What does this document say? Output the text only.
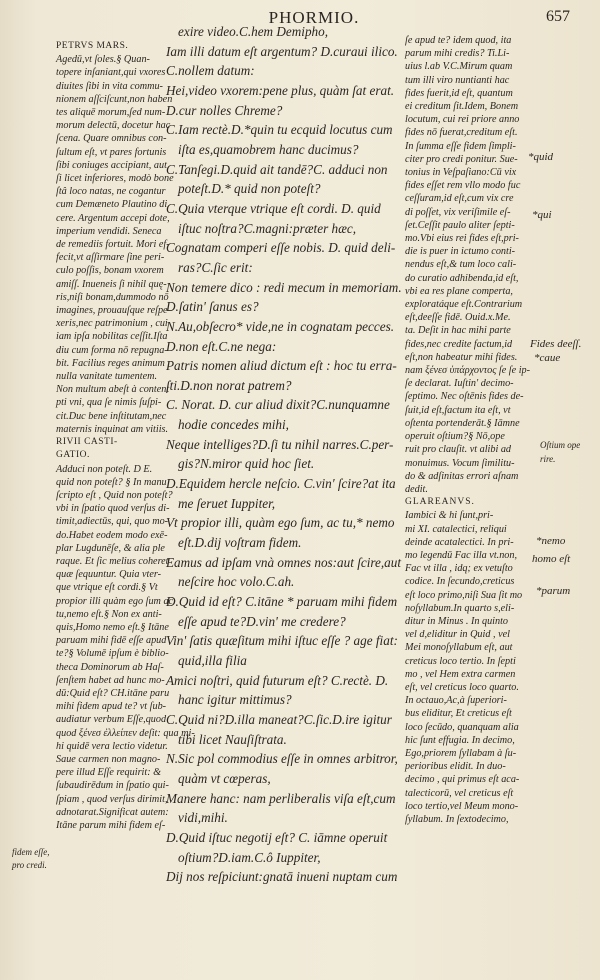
PHORMIO.	657
PETRVS MARS.
Agedū,vt ſoles.§ Quan-
topere inſaniant,qui vxores
diuites ſibi in vita commu-
nionem aſſciſcunt,non haben
tes aliquē morum,ſed num-
morum delectū, docetur hac
ſcena. Quare omnibus con-
ſultum eſt, vt pares fortunis
ſibi coniuges accipiant, aut
ſi licet inferiores, modò bone
ſtâ loco natas, ne cogantur
cum Demæneto Plautino di
cere. Argentum accepi dote,
imperium vendidi. Seneca
de remediis fortuit. Mori ef-
fecit,vt aſſirmare ſine peri-
culo poſſis, bonam vxorem
amiſſ. Inueneis ſi nihil quę-
ris,niſi bonam,dummodo nō
imagines, prouauſque reſpe-
xeris,nec patrimonium , cui
iam ipſa nobilitas ceſſit.Iſta
diu cum forma nō repugna-
bit. Facilius reges animum
nulla vanitate tumentem.
Non multum abeſt à content
pti vni, qua ſe nimis ſuſpi-
cit.Duc bene inſtitutam,nec
maternis inquinat am vitiis.
RIVII CASTI-
GATIO.
Adduci non poteſt. D E.
quid non poteſt? § In manu
ſcripto eſt , Quid non poteſt?
vbi in ſpatio quod verſus di-
timit,adiectūs, qui, quo mo-
do.Habet eodem modo exē-
plar Lugdunēſe, & alia ple
raque. Et ſic melius coheret
quæ ſequuntur. Quia vter-
que vtrique eſt cordi.§ Vt
propior illi quàm ego ſum ac
tu,nemo eſt.§ Non ex anti-
quis,Homo nemo eſt.§ Itāne
paruam mihi fidē eſſe apud
te?§ Volumē ipſum è biblio-
theca Dominorum ab Haſ-
ſenſtem habet ad hunc mo-
dū:Quid eſt? CH.itāne paru
mihi fidem apud te? vt ſub-
audiatur verbum Eſſe,quod
quod ξένεσ ἐλλείπεν deſit: qua mi-
hi quidē vera lectio videtur.
Saue carmen non magno-
pere illud Eſſe requirit: &
ſubaudirēdum in ſpatio qui-
ſpiam , quod verſus dirimit,
adnotarat.Significat autem:
Itāne parum mihi fidem eſ-
exire video.C.hem Demipho,
Iam illi datum eſt argentum? D.curaui ilico.
C.nollem datum:
Hei,video vxorem:pene plus, quàm ſat erat.
D.cur nolles Chreme?
C.Iam rectè.D.*quin tu ecquid locutus cum
iſta es,quamobrem hanc ducimus?
C.Tanſegi.D.quid ait tandē?C. adduci non
poteſt.D.* quid non poteſt?
C.Quia vterque vtrique eſt cordi. D. quid
iſtuc noſtra?C.magni:præter hæc,
Cognatam comperi eſſe nobis. D. quid deli-
ras?C.ſic erit:
Non temere dico : redi mecum in memoriam.
D.ſatin' ſanus es?
N.Au,obſecro* vide,ne in cognatam pecces.
D.non eſt.C.ne nega:
Patris nomen aliud dictum eſt : hoc tu erra-
ſti.D.non norat patrem?
C. Norat. D. cur aliud dixit?C.nunquamne
hodie concedes mihi,
Neque intelliges?D.ſi tu nihil narres.C.per-
gis?N.miror quid hoc ſiet.
D.Equidem hercle neſcio. C.vin' ſcire?at ita
me ſeruet Iuppiter,
Vt propior illi, quàm ego ſum, ac tu,* nemo
eſt.D.dij voſtram fidem.
Eamus ad ipſam vnà omnes nos:aut ſcire,aut
neſcire hoc volo.C.ah.
D.Quid id eſt? C.itāne * paruam mihi fidem
eſſe apud te?D.vin' me credere?
Vin' ſatis quæſitum mihi iſtuc eſſe ? age fiat:
quid,illa filia
Amici noſtri, quid futurum eſt? C.rectè. D.
hanc igitur mittimus?
C.Quid ni?D.illa maneat?C.ſic.D.ire igitur
tibi licet Nauſiſtrata.
N.Sic pol commodius eſſe in omnes arbitror,
quàm vt cœperas,
Manere hanc: nam perliberalis viſa eſt,cum
vidi,mihi.
D.Quid iſtuc negotij eſt? C. iāmne operuit
oſtium?D.iam.C.ô Iuppiter,
Dij nos reſpiciunt:gnatā inueni nuptam cum
ſe apud te? idem quod, ita
parum mihi credis? Ti.Li-
uius l.ab V.C.Mirum quam
tum illi viro nuntianti hac
fides fuerit,id eſt, quantum
ei creditum ſit.Idem, Bonem
locutum, cui rei priore anno
fides nō fuerat,creditum eſt.
In ſumma eſſe fidem ſimpli-
citer pro credi ponitur. Sue-
tonius in Veſpaſiano:Cū vix
fides eſſet rem vllo modo fuc
ceſſuram,id eſt,cum vix cre
di poſſet, vix veriſimile eſ-
ſet.Ceſſit paulo aliter ſepti-
mo.Vbi eius rei fides eſt,pri-
die is puer in ictumo conti-
nendus eſt,& tum loco cali-
do curatio adhibenda,id eſt,
vbi ea res plane comperta,
exploratáque eſt.Contrarium
eſt,deeſſe fidē. Ouid.x.Me.
ta. Deſit in hac mihi parte
fides,nec credite factum,id
eſt,non habeatur mihi fides.
nam ξένεσ ὑπάρχοντος ſe ſe ip-
ſe declarat. Iuſtin' decimo-
ſeptimo. Nec oſtēnis fides de-
ſuit,id eſt,factum ita eſt, vt
oſtenta portenderāt.§ Iāmne
operuit oſtium?§ Nō,ope
ruit pro clauſit. vt alibi ad
monuimus. Vocum ſimilitu-
do & adſinitas errori aſnam
dedit.
GLAREANVS.
Iambici & hi ſunt,pri-
mi XI. catalectici, reliqui
deinde acatalectici. In pri-
mo legendū Fac illa vt.non,
Fac vt illa , idq; ex vetuſto
codice. In ſecundo,creticus
eſt loco primo,niſi Sua ſit mo
noſyllabum.In quarto s,eli-
ditur in Minus . In quinto
vel d,eliditur in Quid , vel
Mei monoſyllabum eſt, aut
creticus loco tertio. In ſepti
mo , vel Hem extra carmen
eſt, vel creticus loco quarto.
In octauo,Ac,à ſuperiori-
bus eliditur, Et creticus eſt
loco ſecūdo, quanquam alia
hic ſunt effugia. In decimo,
Ego,priorem ſyllabam à ſu-
perioribus elidit. In duo-
decimo , qui primus eſt aca-
talecticorū, vel creticus eſt
loco tertio,vel Meum mono-
ſyllabum. In ſextodecimo,
*quid
*qui
Fides deeſſ.
*caue
Oſtium ope
rire.
*nemo
homo eſt
*parum
fidem eſſe,
pro credi.
